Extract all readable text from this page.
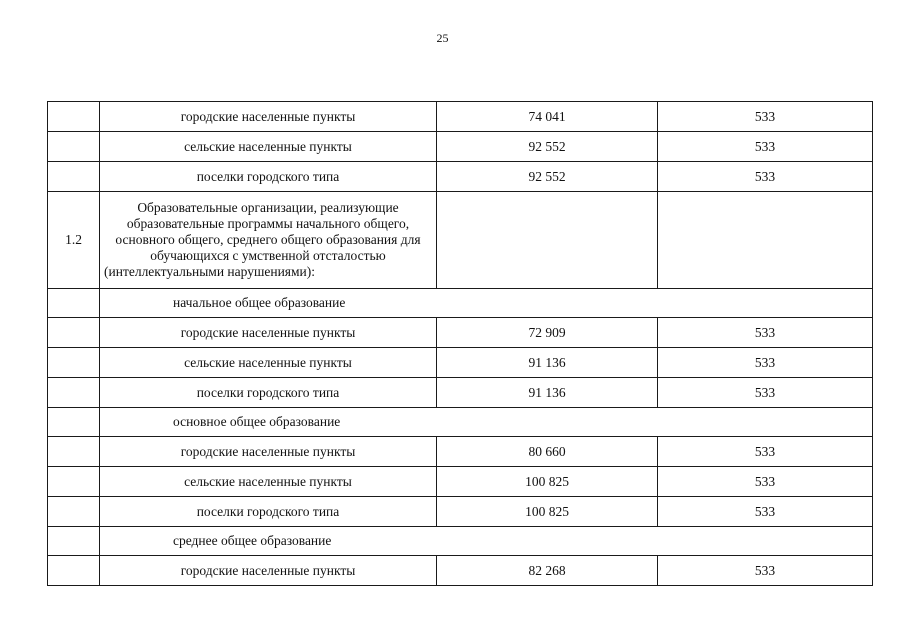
25
	городские населенные пункты	74 041	533
	сельские населенные пункты	92 552	533
	поселки городского типа	92 552	533
1.2	Образовательные организации, реализующие образовательные программы начального общего, основного общего, среднего общего образования для обучающихся с умственной отсталостью (интеллектуальными нарушениями):		
	начальное общее образование		
	городские населенные пункты	72 909	533
	сельские населенные пункты	91 136	533
	поселки городского типа	91 136	533
	основное общее образование		
	городские населенные пункты	80 660	533
	сельские населенные пункты	100 825	533
	поселки городского типа	100 825	533
	среднее общее образование		
	городские населенные пункты	82 268	533
